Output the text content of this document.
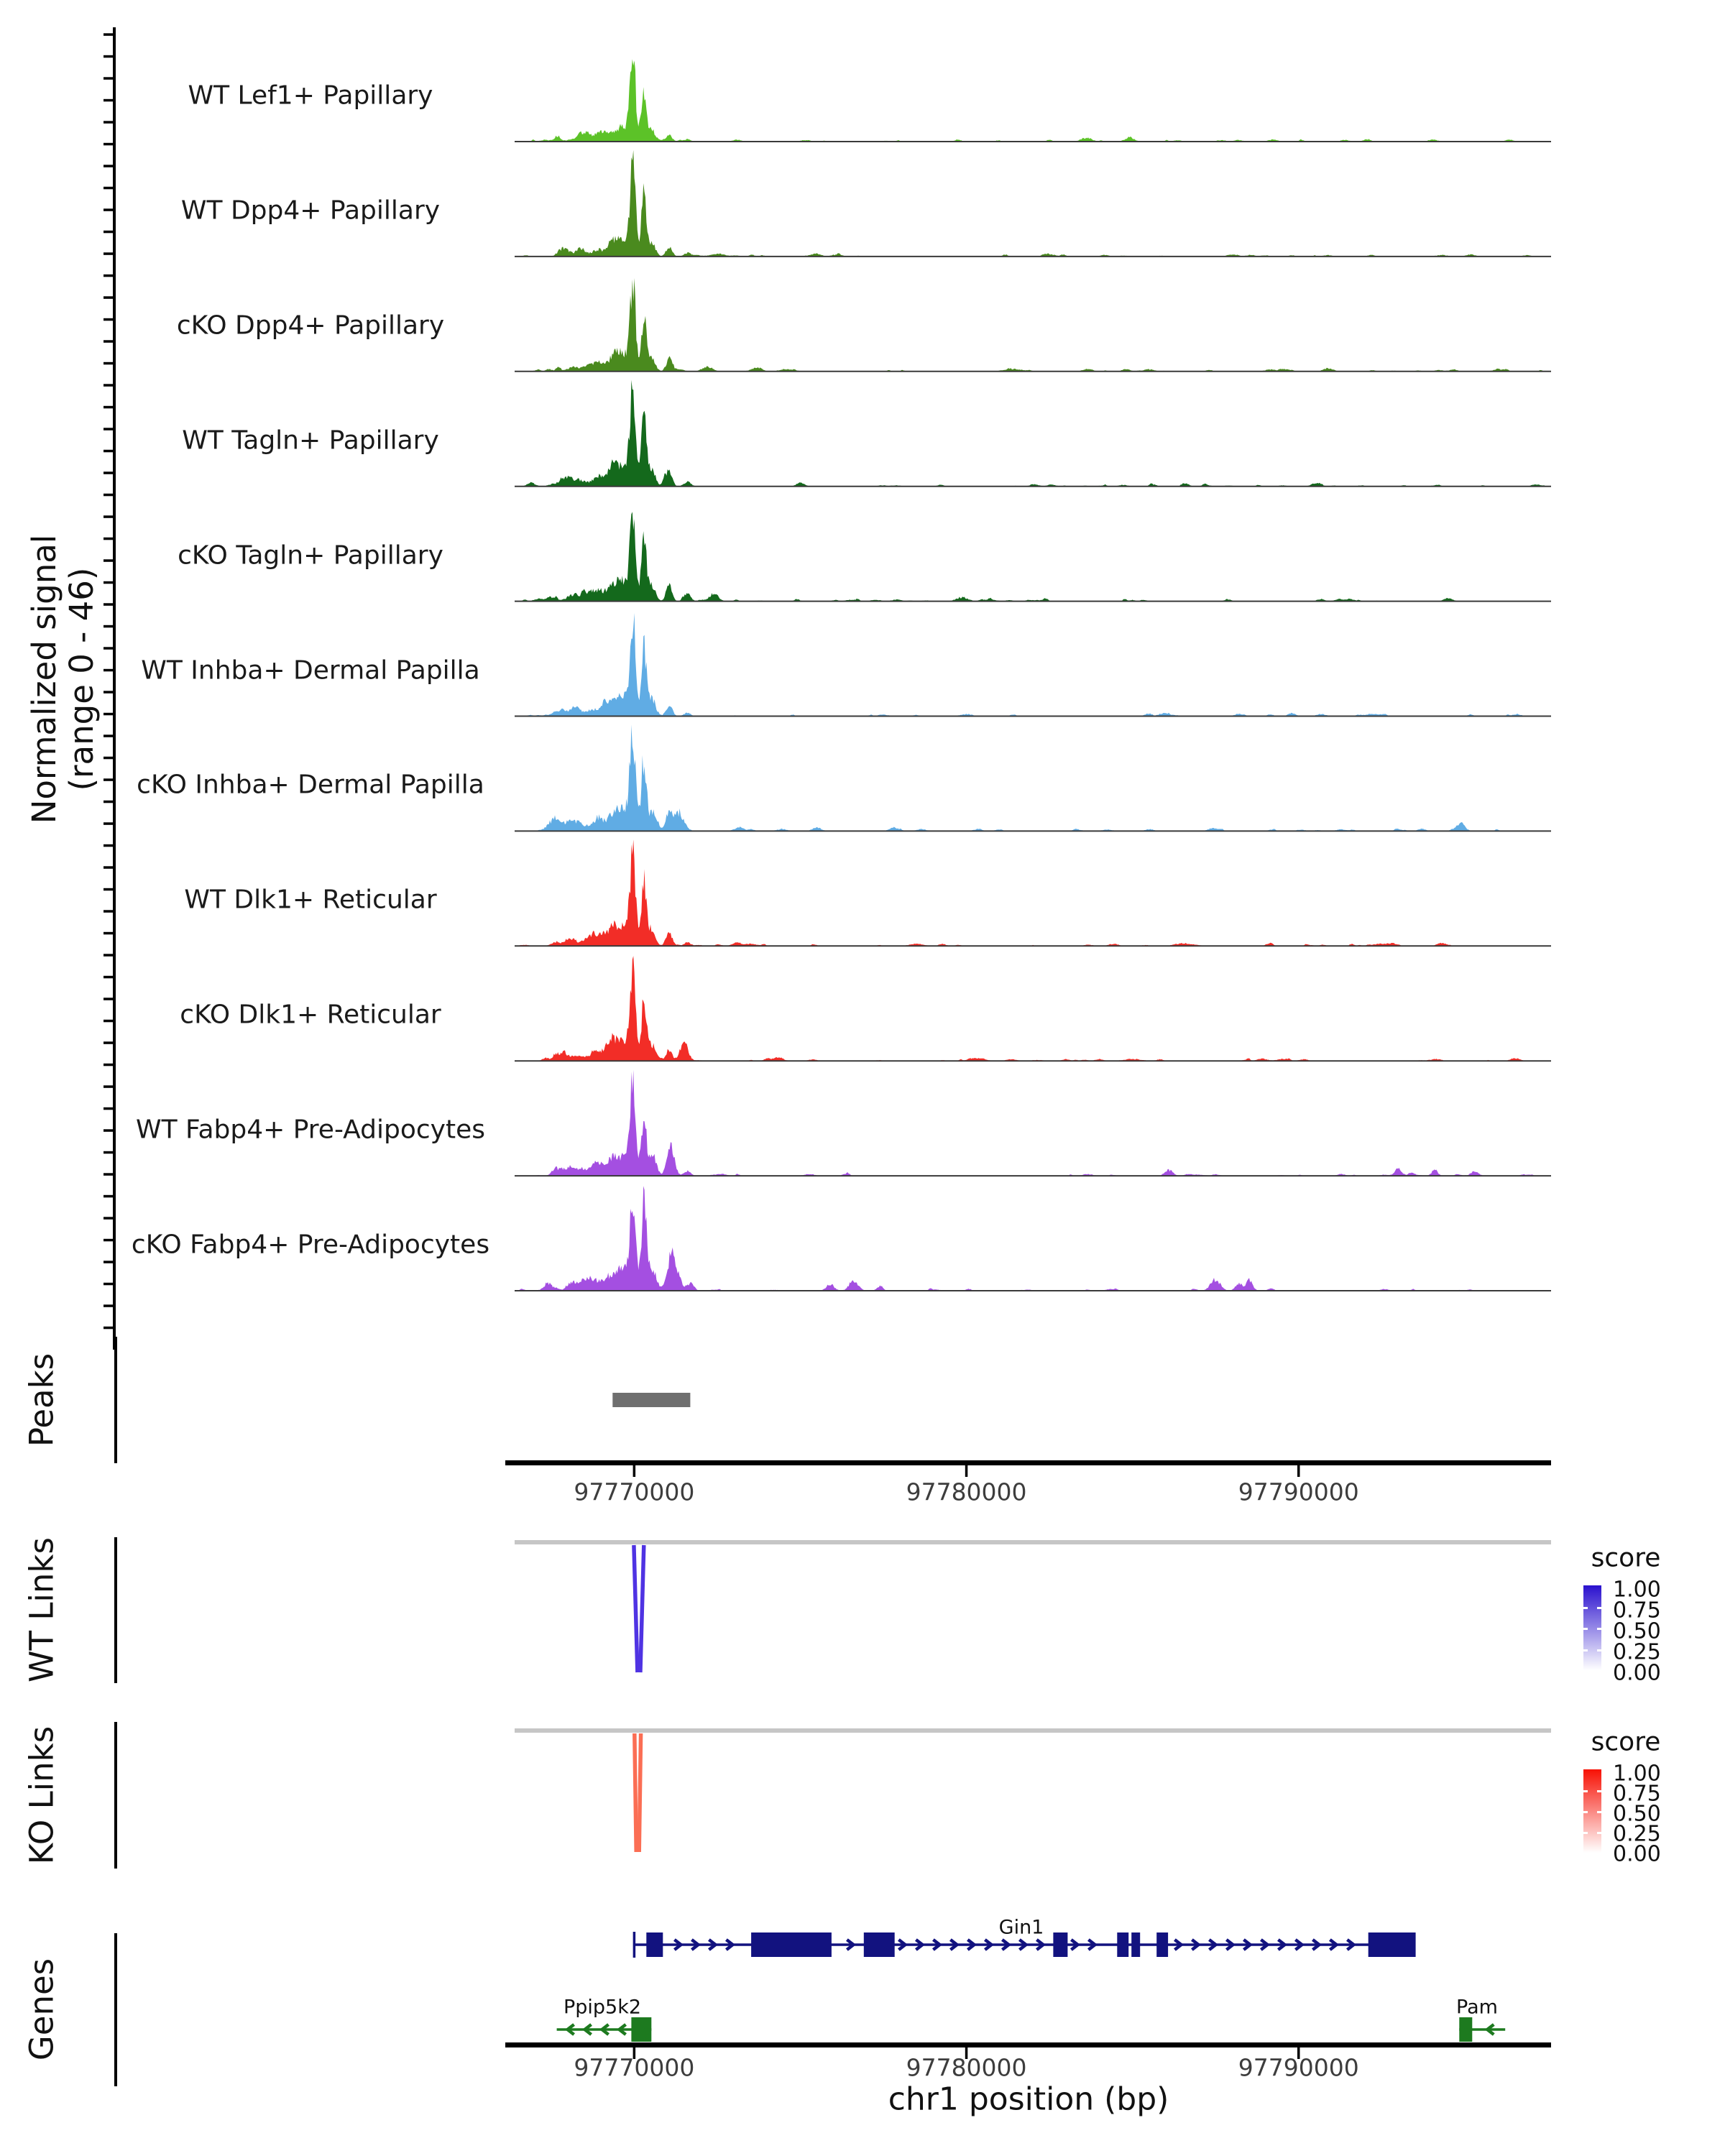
Normalized signal (range 0 - 46)
Peaks
WT Links
KO Links
Genes
chr1 position (bp)
score
1.00
0.75
0.50
0.25
0.00
score
1.00
0.75
0.50
0.25
0.00
Gin1
Ppip5k2	Pam
WT Lef1+ Papillary
WT Dpp4+ Papillary
cKO Dpp4+ Papillary
WT Tagln+ Papillary
cKO Tagln+ Papillary
WT Inhba+ Dermal Papilla
cKO Inhba+ Dermal Papilla
WT Dlk1+ Reticular
cKO Dlk1+ Reticular
WT Fabp4+ Pre-Adipocytes
cKO Fabp4+ Pre-Adipocytes
97770000	97780000	97790000
97770000	97780000	97790000
